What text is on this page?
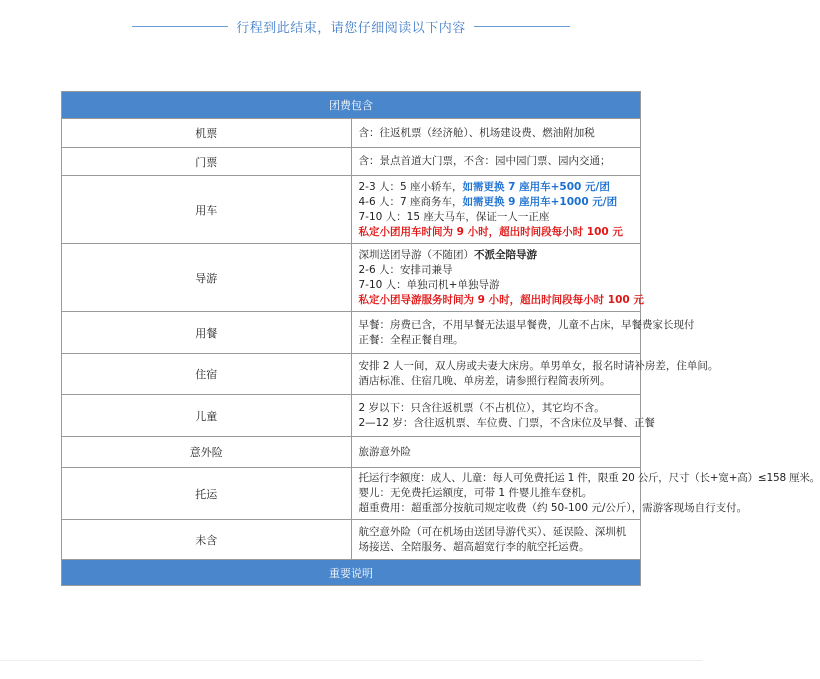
行程到此结束，请您仔细阅读以下内容
团费包含	
机票	含：往返机票（经济舱）、机场建设费、燃油附加税

门票	含：景点首道大门票，不含：园中园门票、园内交通；

用车	2-3 人：5 座小轿车，如需更换 7 座用车+500 元/团
4-6 人：7 座商务车，如需更换 9 座用车+1000 元/团
7-10 人：15 座大马车，保证一人一正座
私定小团用车时间为 9 小时，超出时间段每小时 100 元

导游	深圳送团导游（不随团）不派全陪导游
2-6 人：安排司兼导
7-10 人：单独司机+单独导游
私定小团导游服务时间为 9 小时，超出时间段每小时 100 元

用餐	早餐：房费已含，不用早餐无法退早餐费，儿童不占床，早餐费家长现付
正餐：全程正餐自理。

住宿	安排 2 人一间，双人房或夫妻大床房。单男单女，报名时请补房差，住单间。
酒店标准、住宿几晚、单房差，请参照行程简表所列。

儿童	2 岁以下：只含往返机票（不占机位），其它均不含。
2—12 岁：含往返机票、车位费、门票，不含床位及早餐、正餐

意外险	旅游意外险

托运	托运行李额度：成人、儿童：每人可免费托运 1 件，限重 20 公斤，尺寸（长+宽+高）≤158 厘米。
婴儿：无免费托运额度，可带 1 件婴儿推车登机。
超重费用：超重部分按航司规定收费（约 50-100 元/公斤），需游客现场自行支付。

未含	航空意外险（可在机场由送团导游代买）、延误险、深圳机场接送、全陪服务、超高超宽行李的航空托运费。

重要说明	
